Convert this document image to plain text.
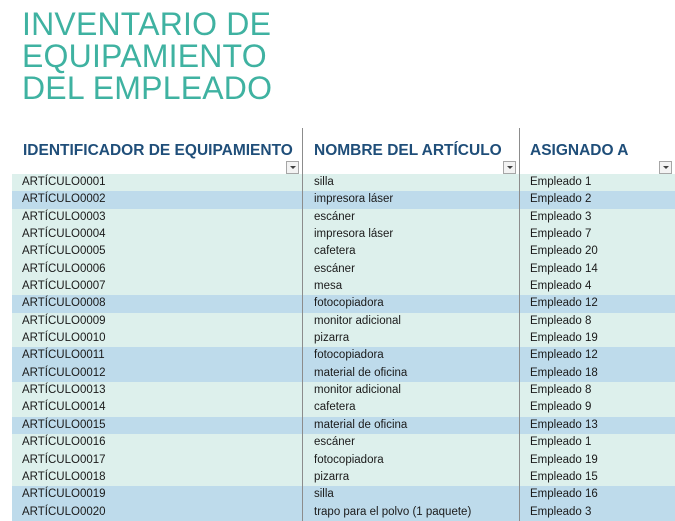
INVENTARIO DE
EQUIPAMIENTO
DEL EMPLEADO
IDENTIFICADOR DE EQUIPAMIENTO	NOMBRE DEL ARTÍCULO	ASIGNADO A
ARTÍCULO0001	silla	Empleado 1
ARTÍCULO0002	impresora láser	Empleado 2
ARTÍCULO0003	escáner	Empleado 3
ARTÍCULO0004	impresora láser	Empleado 7
ARTÍCULO0005	cafetera	Empleado 20
ARTÍCULO0006	escáner	Empleado 14
ARTÍCULO0007	mesa	Empleado 4
ARTÍCULO0008	fotocopiadora	Empleado 12
ARTÍCULO0009	monitor adicional	Empleado 8
ARTÍCULO0010	pizarra	Empleado 19
ARTÍCULO0011	fotocopiadora	Empleado 12
ARTÍCULO0012	material de oficina	Empleado 18
ARTÍCULO0013	monitor adicional	Empleado 8
ARTÍCULO0014	cafetera	Empleado 9
ARTÍCULO0015	material de oficina	Empleado 13
ARTÍCULO0016	escáner	Empleado 1
ARTÍCULO0017	fotocopiadora	Empleado 19
ARTÍCULO0018	pizarra	Empleado 15
ARTÍCULO0019	silla	Empleado 16
ARTÍCULO0020	trapo para el polvo (1 paquete)	Empleado 3
